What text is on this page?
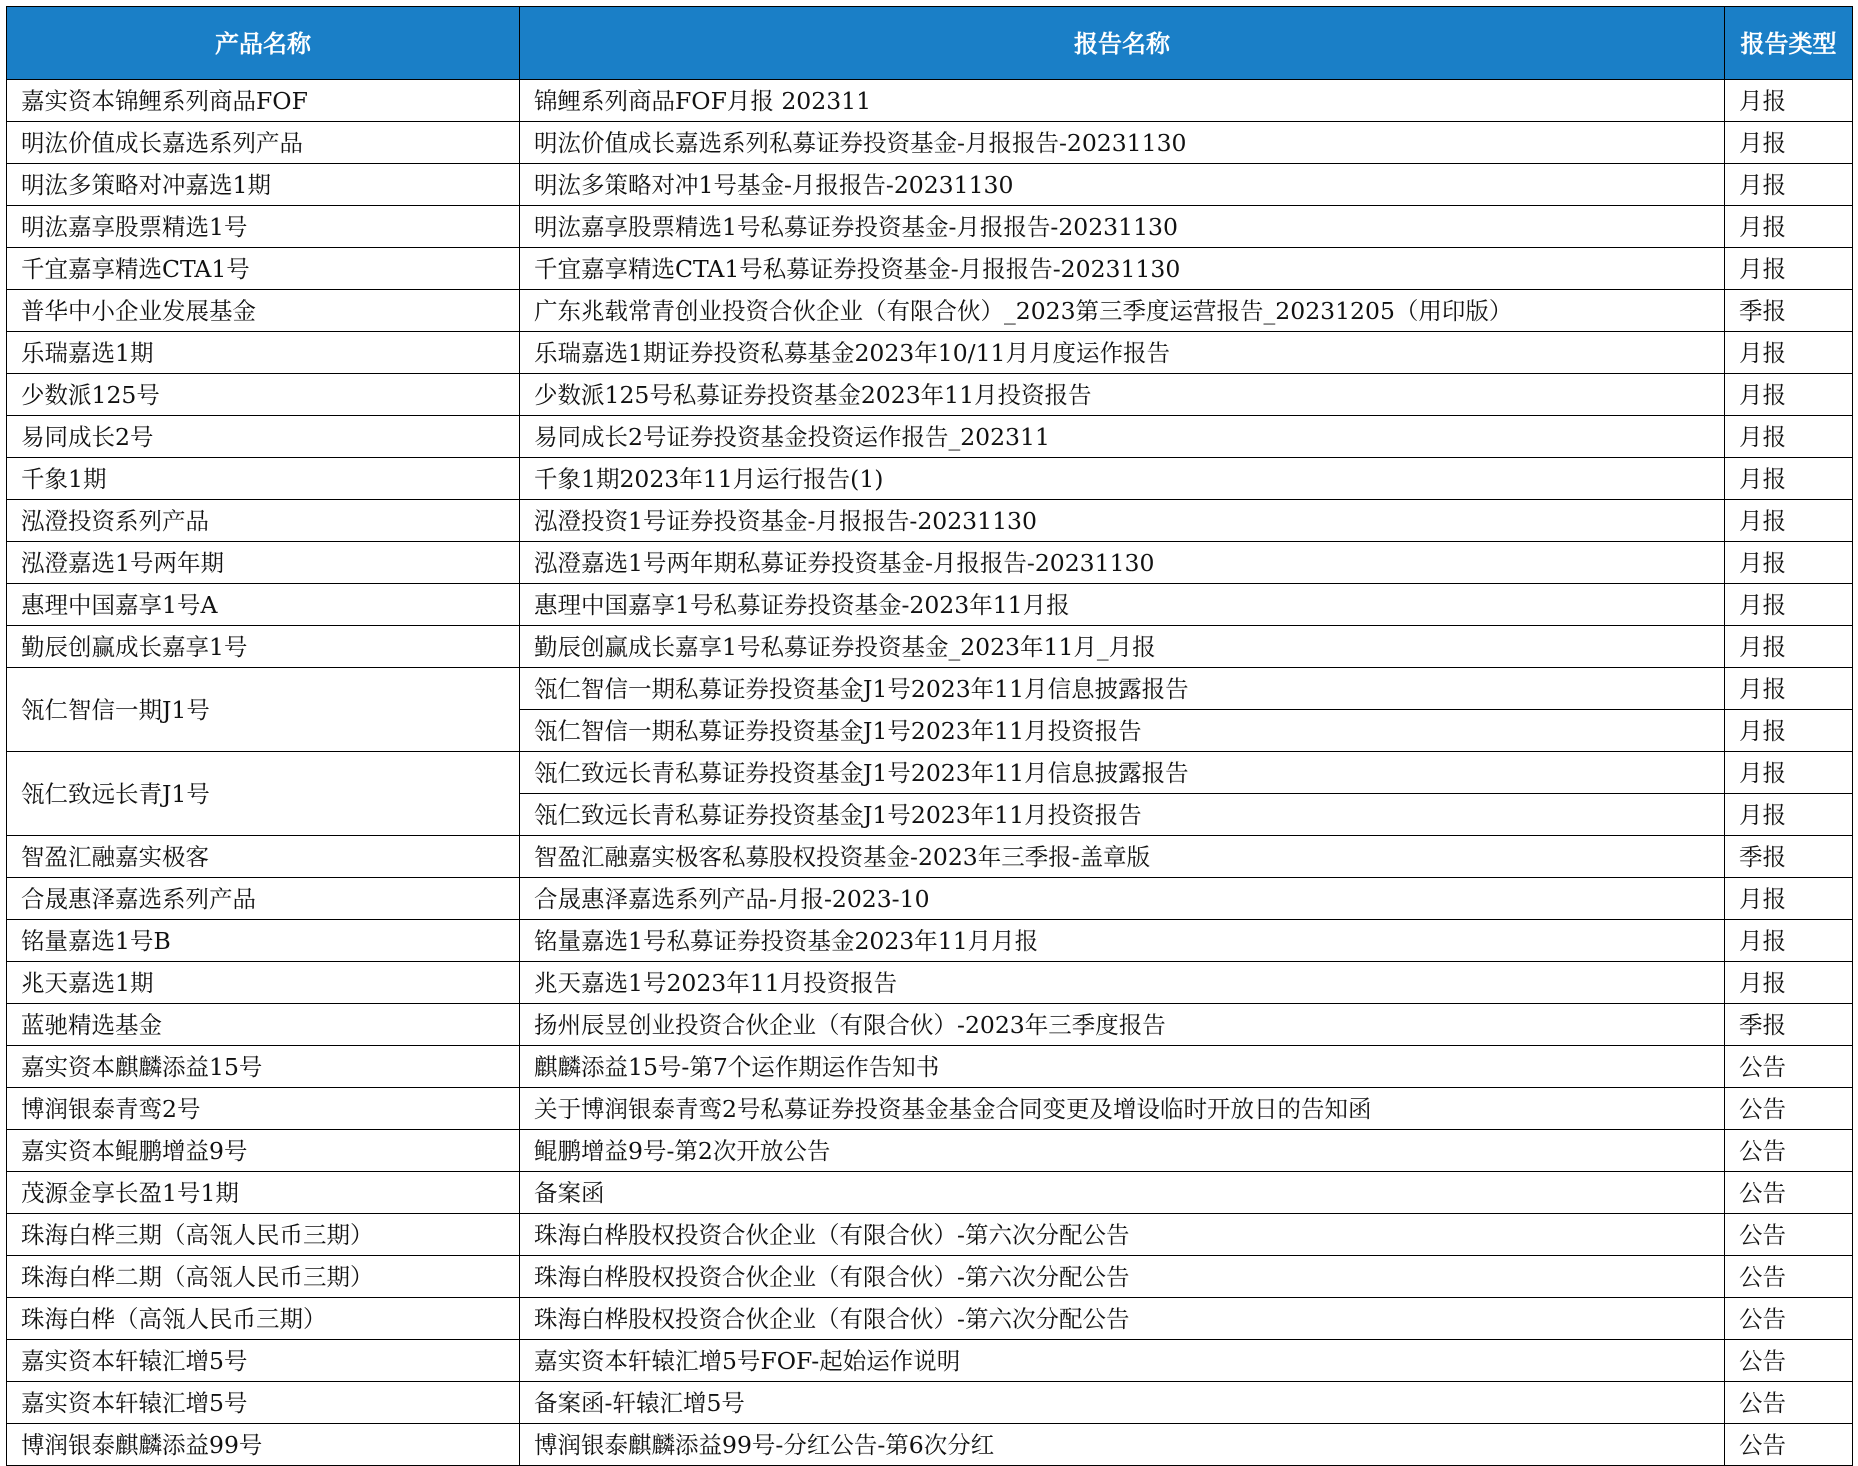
产品名称	报告名称	报告类型
嘉实资本锦鲤系列商品FOF	锦鲤系列商品FOF月报 202311	月报
明汯价值成长嘉选系列产品	明汯价值成长嘉选系列私募证券投资基金-月报报告-20231130	月报
明汯多策略对冲嘉选1期	明汯多策略对冲1号基金-月报报告-20231130	月报
明汯嘉享股票精选1号	明汯嘉享股票精选1号私募证券投资基金-月报报告-20231130	月报
千宜嘉享精选CTA1号	千宜嘉享精选CTA1号私募证券投资基金-月报报告-20231130	月报
普华中小企业发展基金	广东兆载常青创业投资合伙企业（有限合伙）_2023第三季度运营报告_20231205（用印版）	季报
乐瑞嘉选1期	乐瑞嘉选1期证券投资私募基金2023年10/11月月度运作报告	月报
少数派125号	少数派125号私募证券投资基金2023年11月投资报告	月报
易同成长2号	易同成长2号证券投资基金投资运作报告_202311	月报
千象1期	千象1期2023年11月运行报告(1)	月报
泓澄投资系列产品	泓澄投资1号证券投资基金-月报报告-20231130	月报
泓澄嘉选1号两年期	泓澄嘉选1号两年期私募证券投资基金-月报报告-20231130	月报
惠理中国嘉享1号A	惠理中国嘉享1号私募证券投资基金-2023年11月报	月报
勤辰创赢成长嘉享1号	勤辰创赢成长嘉享1号私募证券投资基金_2023年11月_月报	月报
瓴仁智信一期J1号	瓴仁智信一期私募证券投资基金J1号2023年11月信息披露报告	月报
	瓴仁智信一期私募证券投资基金J1号2023年11月投资报告	月报
瓴仁致远长青J1号	瓴仁致远长青私募证券投资基金J1号2023年11月信息披露报告	月报
	瓴仁致远长青私募证券投资基金J1号2023年11月投资报告	月报
智盈汇融嘉实极客	智盈汇融嘉实极客私募股权投资基金-2023年三季报-盖章版	季报
合晟惠泽嘉选系列产品	合晟惠泽嘉选系列产品-月报-2023-10	月报
铭量嘉选1号B	铭量嘉选1号私募证券投资基金2023年11月月报	月报
兆天嘉选1期	兆天嘉选1号2023年11月投资报告	月报
蓝驰精选基金	扬州辰昱创业投资合伙企业（有限合伙）-2023年三季度报告	季报
嘉实资本麒麟添益15号	麒麟添益15号-第7个运作期运作告知书	公告
博润银泰青鸾2号	关于博润银泰青鸾2号私募证券投资基金基金合同变更及增设临时开放日的告知函	公告
嘉实资本鲲鹏增益9号	鲲鹏增益9号-第2次开放公告	公告
茂源金享长盈1号1期	备案函	公告
珠海白桦三期（高瓴人民币三期）	珠海白桦股权投资合伙企业（有限合伙）-第六次分配公告	公告
珠海白桦二期（高瓴人民币三期）	珠海白桦股权投资合伙企业（有限合伙）-第六次分配公告	公告
珠海白桦（高瓴人民币三期）	珠海白桦股权投资合伙企业（有限合伙）-第六次分配公告	公告
嘉实资本轩辕汇增5号	嘉实资本轩辕汇增5号FOF-起始运作说明	公告
嘉实资本轩辕汇增5号	备案函-轩辕汇增5号	公告
博润银泰麒麟添益99号	博润银泰麒麟添益99号-分红公告-第6次分红	公告
